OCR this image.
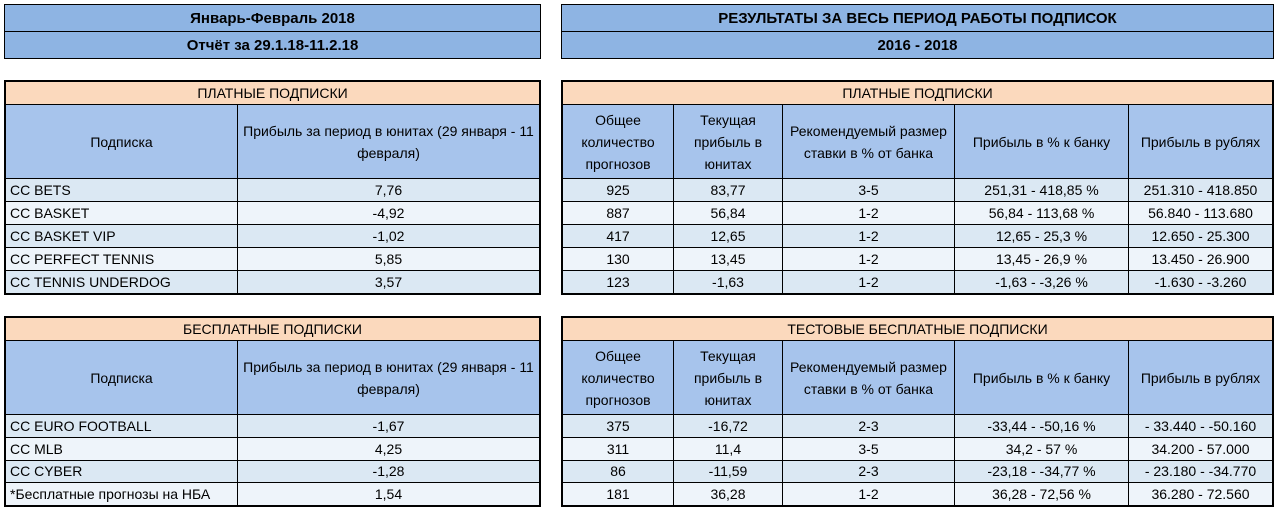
Январь-Февраль 2018
Отчёт за 29.1.18-11.2.18
РЕЗУЛЬТАТЫ ЗА ВЕСЬ ПЕРИОД РАБОТЫ ПОДПИСОК
2016 - 2018
ПЛАТНЫЕ ПОДПИСКИ	
Подписка	Прибыль за период в юнитах (29 января - 11 февраля)
CC BETS	7,76
CC BASKET	-4,92
CC BASKET VIP	-1,02
CC PERFECT TENNIS	5,85
CC TENNIS UNDERDOG	3,57
ПЛАТНЫЕ ПОДПИСКИ				
Общее количество прогнозов	Текущая прибыль в юнитах	Рекомендуемый размер ставки в % от банка	Прибыль в % к банку	Прибыль в рублях
925	83,77	3-5	251,31 - 418,85 %	251.310 - 418.850
887	56,84	1-2	56,84 - 113,68 %	56.840 - 113.680
417	12,65	1-2	12,65 - 25,3 %	12.650 - 25.300
130	13,45	1-2	13,45 - 26,9 %	13.450 - 26.900
123	-1,63	1-2	-1,63 - -3,26 %	-1.630 - -3.260
БЕСПЛАТНЫЕ ПОДПИСКИ	
Подписка	Прибыль за период в юнитах (29 января - 11 февраля)
CC EURO FOOTBALL	-1,67
CC MLB	4,25
CC CYBER	-1,28
*Бесплатные прогнозы на НБА	1,54
ТЕСТОВЫЕ БЕСПЛАТНЫЕ ПОДПИСКИ				
Общее количество прогнозов	Текущая прибыль в юнитах	Рекомендуемый размер ставки в % от банка	Прибыль в % к банку	Прибыль в рублях
375	-16,72	2-3	-33,44 - -50,16 %	- 33.440 - -50.160
311	11,4	3-5	34,2 - 57 %	34.200 - 57.000
86	-11,59	2-3	-23,18 - -34,77 %	- 23.180 - -34.770
181	36,28	1-2	36,28 - 72,56 %	36.280 - 72.560
